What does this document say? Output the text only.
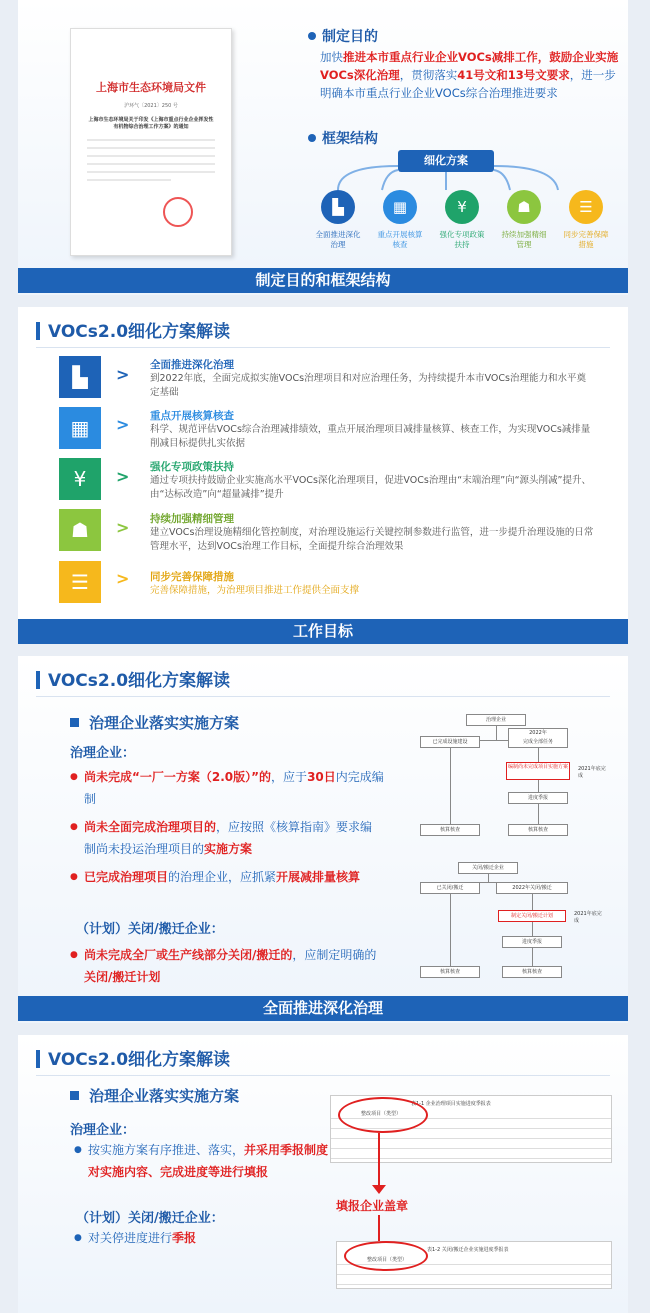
上海市生态环境局文件
沪环气〔2021〕250 号
上海市生态环境局关于印发《上海市重点行业企业挥发性有机物综合治理工作方案》的通知
制定目的
加快推进本市重点行业企业VOCs减排工作，鼓励企业实施VOCs深化治理，贯彻落实41号文和13号文要求，进一步明确本市重点行业企业VOCs综合治理推进要求
框架结构
细化方案
▙	▦	¥	☗	☰
全面推进深化治理
重点开展核算核查
强化专项政策扶持
持续加强精细管理
同步完善保障措施
制定目的和框架结构
VOCs2.0细化方案解读
▙	> 全面推进深化治理
到2022年底，全面完成拟实施VOCs治理项目和对应治理任务，为持续提升本市VOCs治理能力和水平奠定基础
▦	> 重点开展核算核查
科学、规范评估VOCs综合治理减排绩效，重点开展治理项目减排量核算、核查工作，为实现VOCs减排量削减目标提供扎实依据
¥	> 强化专项政策扶持
通过专项扶持鼓励企业实施高水平VOCs深化治理项目，促进VOCs治理由“末端治理”向“源头削减”提升、由“达标改造”向“超量减排”提升
☗	> 持续加强精细管理
建立VOCs治理设施精细化管控制度，对治理设施运行关键控制参数进行监管，进一步提升治理设施的日常管理水平，达到VOCs治理工作目标，全面提升综合治理效果
☰	> 同步完善保障措施
完善保障措施，为治理项目推进工作提供全面支撑
工作目标
VOCs2.0细化方案解读
治理企业落实实施方案
治理企业：
● 尚未完成“一厂一方案（2.0版）”的，应于30日内完成编制
● 尚未全面完成治理项目的，应按照《核算指南》要求编制尚未投运治理项目的实施方案
● 已完成治理项目的治理企业，应抓紧开展减排量核算
（计划）关闭/搬迁企业：
● 尚未完成全厂或生产线部分关闭/搬迁的，应制定明确的关闭/搬迁计划
治理企业
已完成设施建设
2022年
完成全部任务
编制尚未完成项目实施方案	2021年底完成
进度季报
核算核查	核算核查
关闭/搬迁企业
已关闭/搬迁	2022年关闭/搬迁
制定关闭/搬迁计划	2021年底完成
进度季报
核算核查	核算核查
全面推进深化治理
VOCs2.0细化方案解读
治理企业落实实施方案
治理企业：
● 按实施方案有序推进、落实，并采用季报制度对实施内容、完成进度等进行填报
（计划）关闭/搬迁企业：
● 对关停进度进行季报
表1-1 企业治理项目实施进度季报表
整改项目（类型）
填报企业盖章
表1-2 关闭/搬迁企业实施进度季报表
整改项目（类型）
